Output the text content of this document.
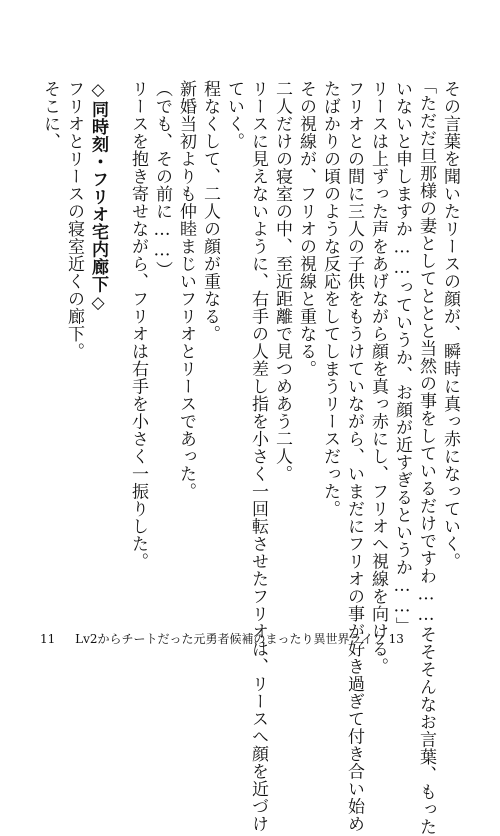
その言葉を聞いたリースの顔が、瞬時に真っ赤になっていく。
「ただだ旦那様の妻としてととと当然の事をしているだけですわ……そそそんなお言葉、もった
いないと申しますか……っていうか、お顔が近すぎるというか……」
リースは上ずった声をあげながら顔を真っ赤にし、フリオへ視線を向ける。
フリオとの間に三人の子供をもうけていながら、いまだにフリオの事が好き過ぎて付き合い始め
たばかりの頃のような反応をしてしまうリースだった。
その視線が、フリオの視線と重なる。
二人だけの寝室の中、至近距離で見つめあう二人。
リースに見えないように、右手の人差し指を小さく一回転させたフリオは、リースへ顔を近づけ
ていく。
程なくして、二人の顔が重なる。
新婚当初よりも仲睦まじいフリオとリースであった。
（でも、その前に……）
リースを抱き寄せながら、フリオは右手を小さく一振りした。
◇同時刻・フリオ宅内廊下◇
フリオとリースの寝室近くの廊下。
そこに、
11 Lv2からチートだった元勇者候補のまったり異世界ライフ 13
